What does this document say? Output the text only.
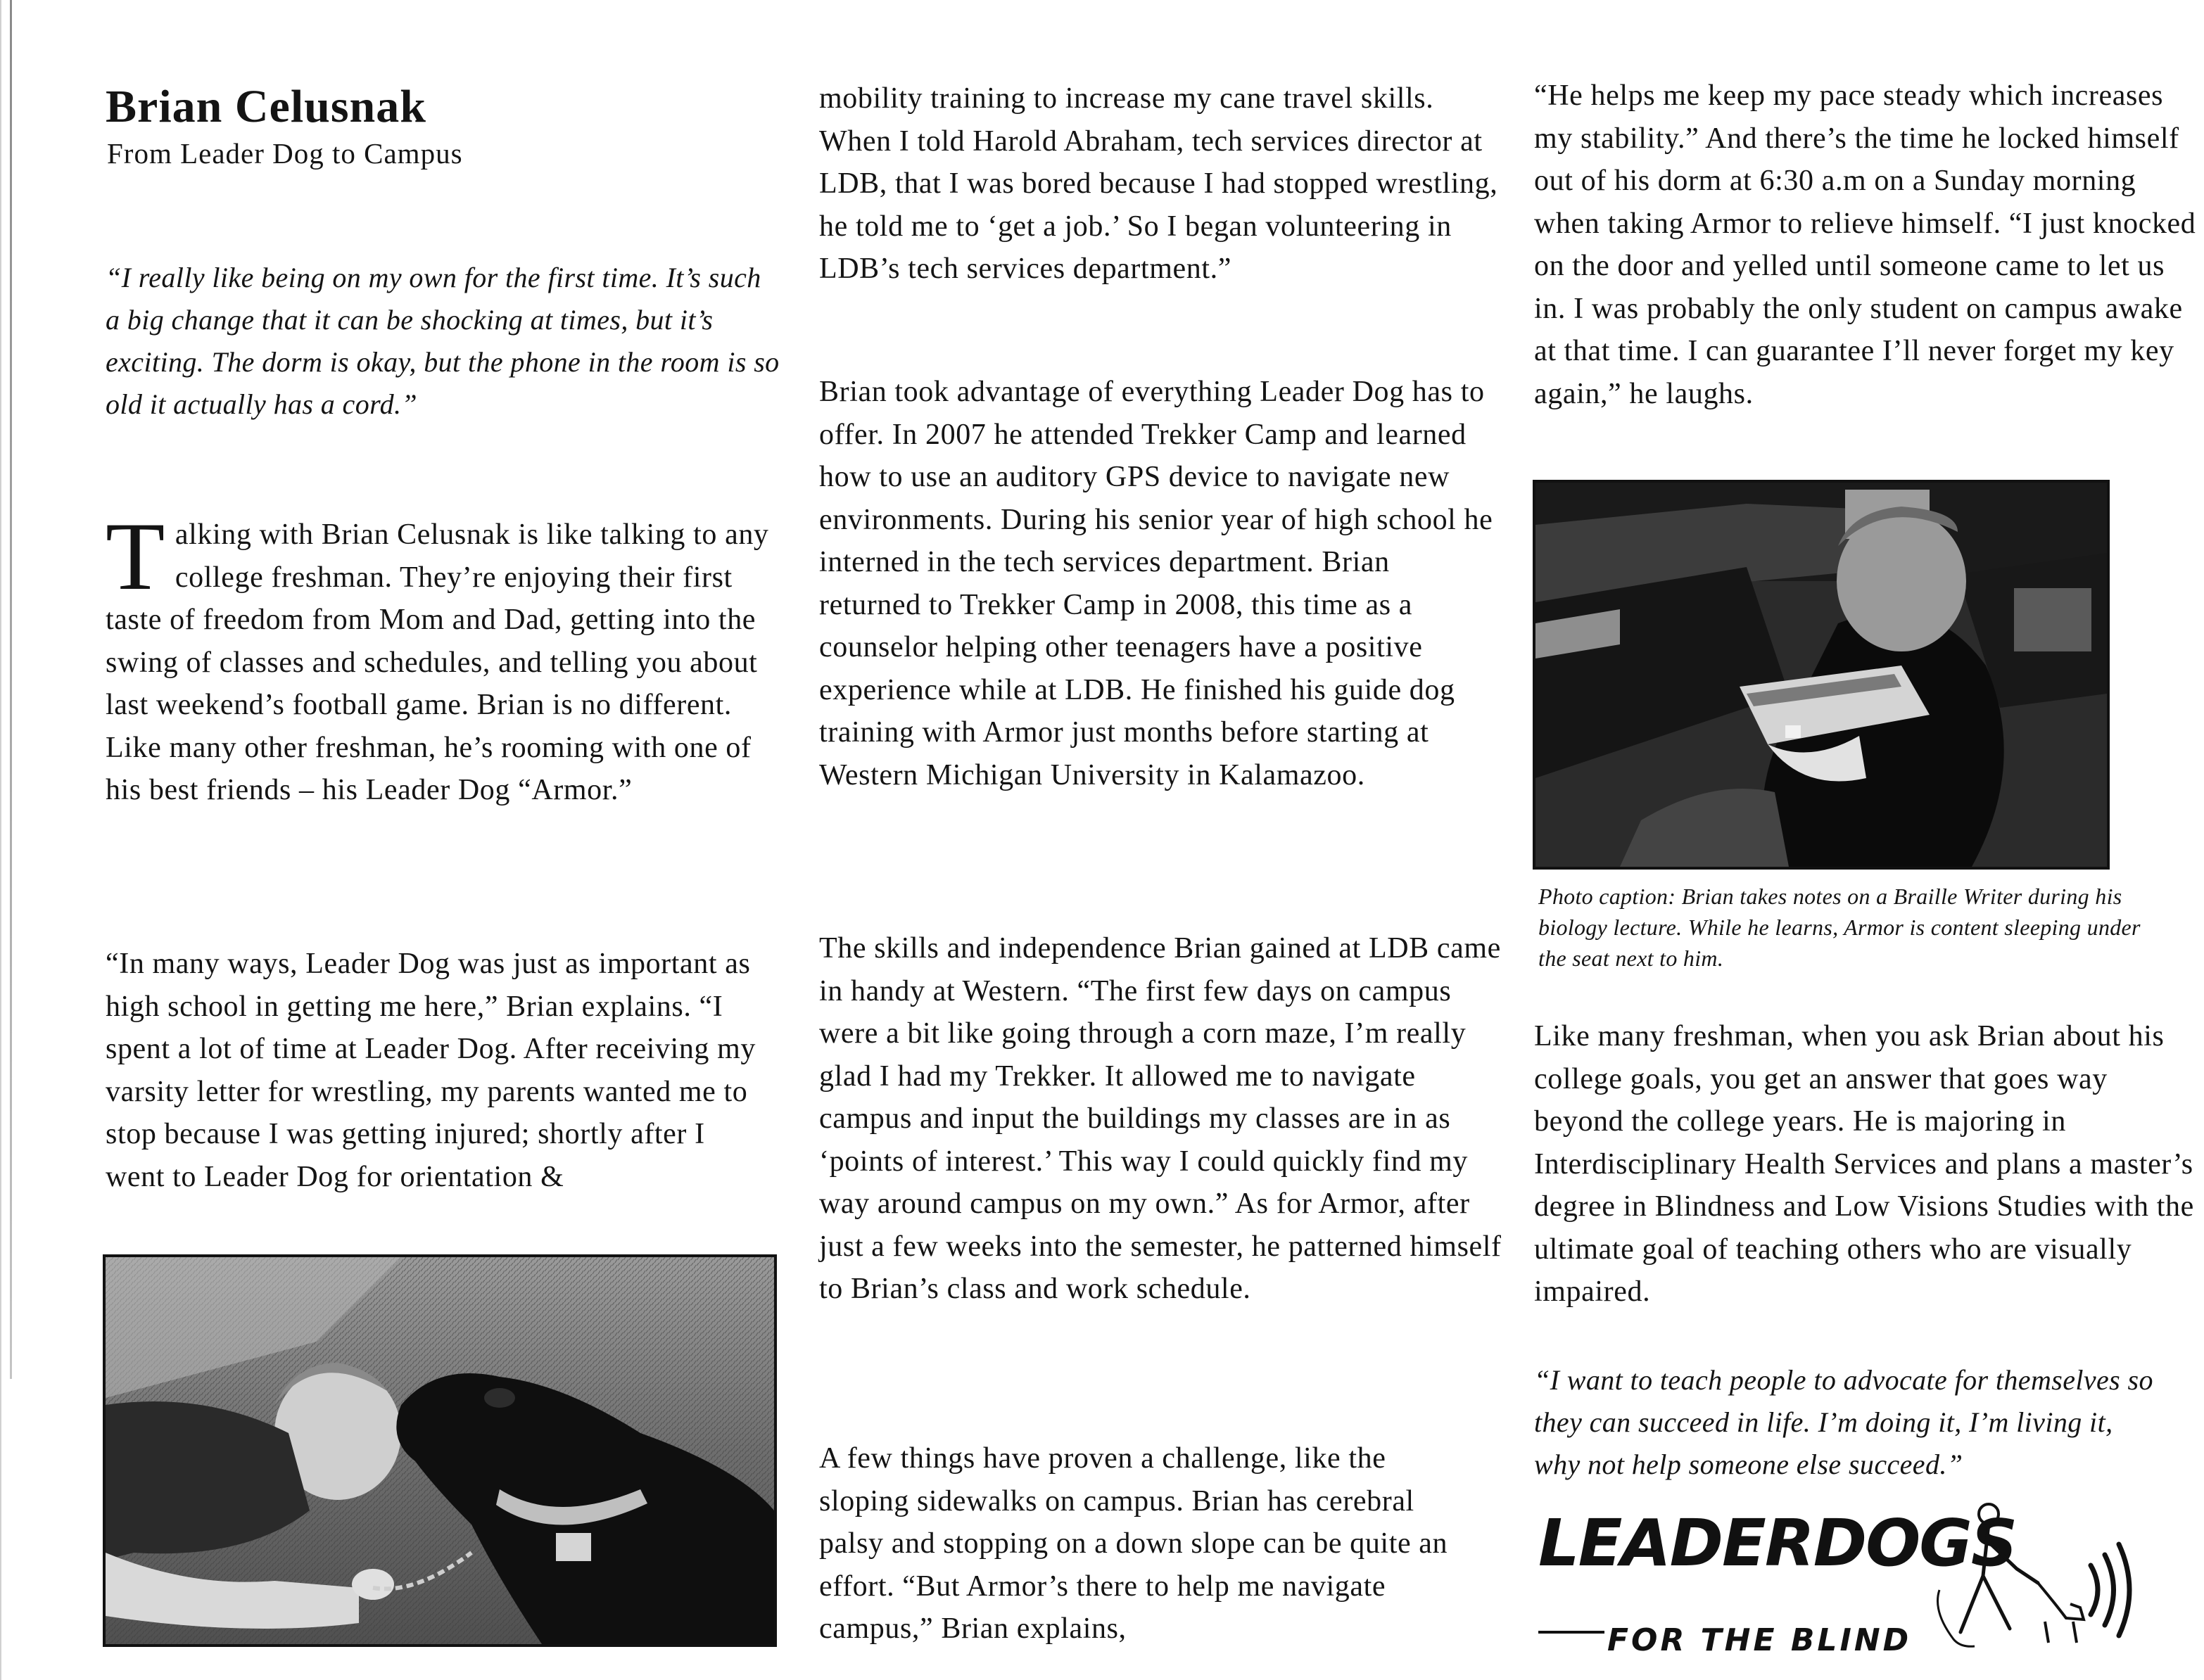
Brian Celusnak
From Leader Dog to Campus

“I really like being on my own for the first time. It’s such a big change that it can be shocking at times, but it’s exciting. The dorm is okay, but the phone in the room is so old it actually has a cord.”

Talking with Brian Celusnak is like talking to any college freshman. They’re enjoying their first taste of freedom from Mom and Dad, getting into the swing of classes and schedules, and telling you about last weekend’s football game. Brian is no different. Like many other freshman, he’s rooming with one of his best friends – his Leader Dog “Armor.”

“In many ways, Leader Dog was just as important as high school in getting me here,” Brian explains. “I spent a lot of time at Leader Dog. After receiving my varsity letter for wrestling, my parents wanted me to stop because I was getting injured; shortly after I went to Leader Dog for orientation &

mobility training to increase my cane travel skills. When I told Harold Abraham, tech services director at LDB, that I was bored because I had stopped wrestling, he told me to ‘get a job.’ So I began volunteering in LDB’s tech services department.”

Brian took advantage of everything Leader Dog has to offer. In 2007 he attended Trekker Camp and learned how to use an auditory GPS device to navigate new environments. During his senior year of high school he interned in the tech services department. Brian returned to Trekker Camp in 2008, this time as a counselor helping other teenagers have a positive experience while at LDB. He finished his guide dog training with Armor just months before starting at Western Michigan University in Kalamazoo.

The skills and independence Brian gained at LDB came in handy at Western. “The first few days on campus were a bit like going through a corn maze, I’m really glad I had my Trekker. It allowed me to navigate campus and input the buildings my classes are in as ‘points of interest.’ This way I could quickly find my way around campus on my own.” As for Armor, after just a few weeks into the semester, he patterned himself to Brian’s class and work schedule.

A few things have proven a challenge, like the sloping sidewalks on campus. Brian has cerebral palsy and stopping on a down slope can be quite an effort. “But Armor’s there to help me navigate campus,” Brian explains,

“He helps me keep my pace steady which increases my stability.” And there’s the time he locked himself out of his dorm at 6:30 a.m on a Sunday morning when taking Armor to relieve himself. “I just knocked on the door and yelled until someone came to let us in. I was probably the only student on campus awake at that time. I can guarantee I’ll never forget my key again,” he laughs.

Photo caption: Brian takes notes on a Braille Writer during his biology lecture. While he learns, Armor is content sleeping under the seat next to him.

Like many freshman, when you ask Brian about his college goals, you get an answer that goes way beyond the college years. He is majoring in Interdisciplinary Health Services and plans a master’s degree in Blindness and Low Visions Studies with the ultimate goal of teaching others who are visually impaired.

“I want to teach people to advocate for themselves so they can succeed in life. I’m doing it, I’m living it, why not help someone else succeed.”

LEADERDOGS
FOR THE BLIND
